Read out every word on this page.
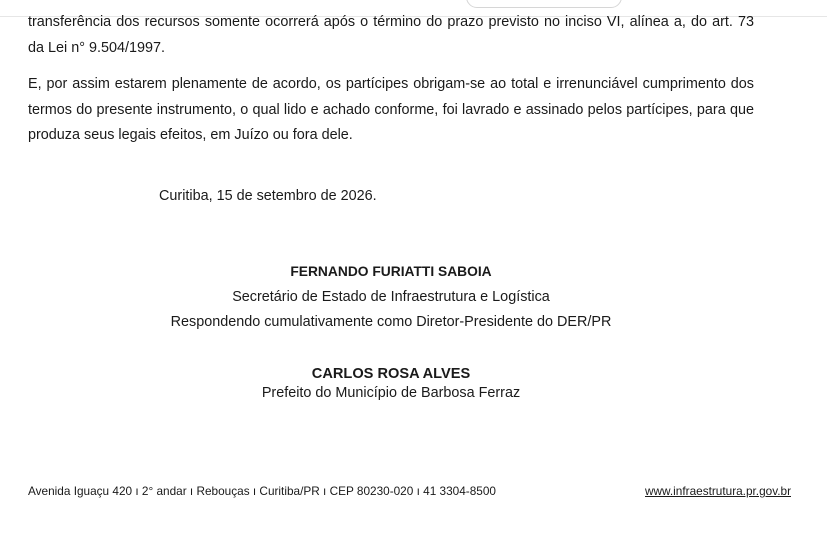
transferência dos recursos somente ocorrerá após o término do prazo previsto no inciso VI, alínea a, do art. 73 da Lei n° 9.504/1997.

E, por assim estarem plenamente de acordo, os partícipes obrigam-se ao total e irrenunciável cumprimento dos termos do presente instrumento, o qual lido e achado conforme, foi lavrado e assinado pelos partícipes, para que produza seus legais efeitos, em Juízo ou fora dele.

Curitiba, 15 de setembro de 2026.
FERNANDO FURIATTI SABOIA
Secretário de Estado de Infraestrutura e Logística
Respondendo cumulativamente como Diretor-Presidente do DER/PR
CARLOS ROSA ALVES
Prefeito do Município de Barbosa Ferraz
Avenida Iguaçu 420 ı 2° andar ı Rebouças ı Curitiba/PR ı CEP 80230-020 ı 41 3304-8500	www.infraestrutura.pr.gov.br
